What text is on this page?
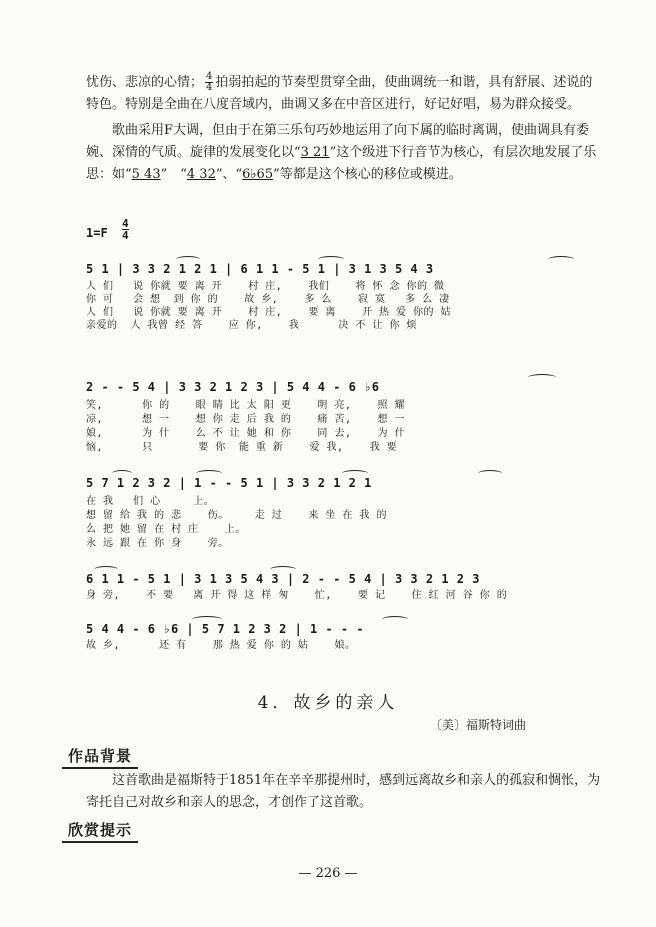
忧伤、悲凉的心情； $\frac{4}{4}$ 拍弱拍起的节奏型贯穿全曲，使曲调统一和谐，具有舒展、述说的
特色。特别是全曲在八度音域内，曲调又多在中音区进行，好记好唱，易为群众接受。
歌曲采用F大调，但由于在第三乐句巧妙地运用了向下属的临时离调，使曲调具有委婉、深情的气质。旋律的发展变化以“3 21”这个级进下行音节为核心，有层次地发展了乐思：如“5 43”　“4 32”、“6♭65”等都是这个核心的移位或模进。
1=F
4
4
5 1 | 3 3 2 1 2 1 | 6 1 1 - 5 1 | 3 1 3 5 4 3
人 们   说 你就 要 离 开    村 庄,    我们    将 怀 念 你的 微
你 可   会 想  到 你 的    故 乡,    多 么    寂 寞   多 么 凄
人 们   说 你就 要 离 开    村 庄,    要 离    开 热 爱 你的 姑
亲爱的  人 我曾 经 答    应 你,    我      决 不 让 你 烦
2 - - 5 4 | 3 3 2 1 2 3 | 5 4 4 - 6 ♭6
笑,      你 的    眼 睛 比 太 阳 更    明 亮,    照 耀
凉,      想 一    想 你 走 后 我 的    痛 苦,    想 一
娘,      为 什    么 不 让 她 和 你    同 去,    为 什
恼,      只       要 你  能 重 新    爱 我,    我 要
5 7 1 2 3 2 | 1 - - 5 1 | 3 3 2 1 2 1
在 我   们 心     上。
想 留 给 我 的 悲    伤。    走 过    来 坐 在 我 的
么 把 她 留 在 村 庄    上。
永 远 跟 在 你 身    旁。
6 1 1 - 5 1 | 3 1 3 5 4 3 | 2 - - 5 4 | 3 3 2 1 2 3
身 旁,    不 要   离 开 得 这 样 匆    忙,    要 记    住 红 河 谷 你 的
5 4 4 - 6 ♭6 | 5 7 1 2 3 2 | 1 - - -
故 乡,      还 有    那 热 爱 你 的 姑    娘。
4．故乡的亲人
〔美〕福斯特词曲
作品背景

这首歌曲是福斯特于1851年在辛辛那提州时，感到远离故乡和亲人的孤寂和惆怅，为寄托自己对故乡和亲人的思念，才创作了这首歌。

欣赏提示
— 226 —
